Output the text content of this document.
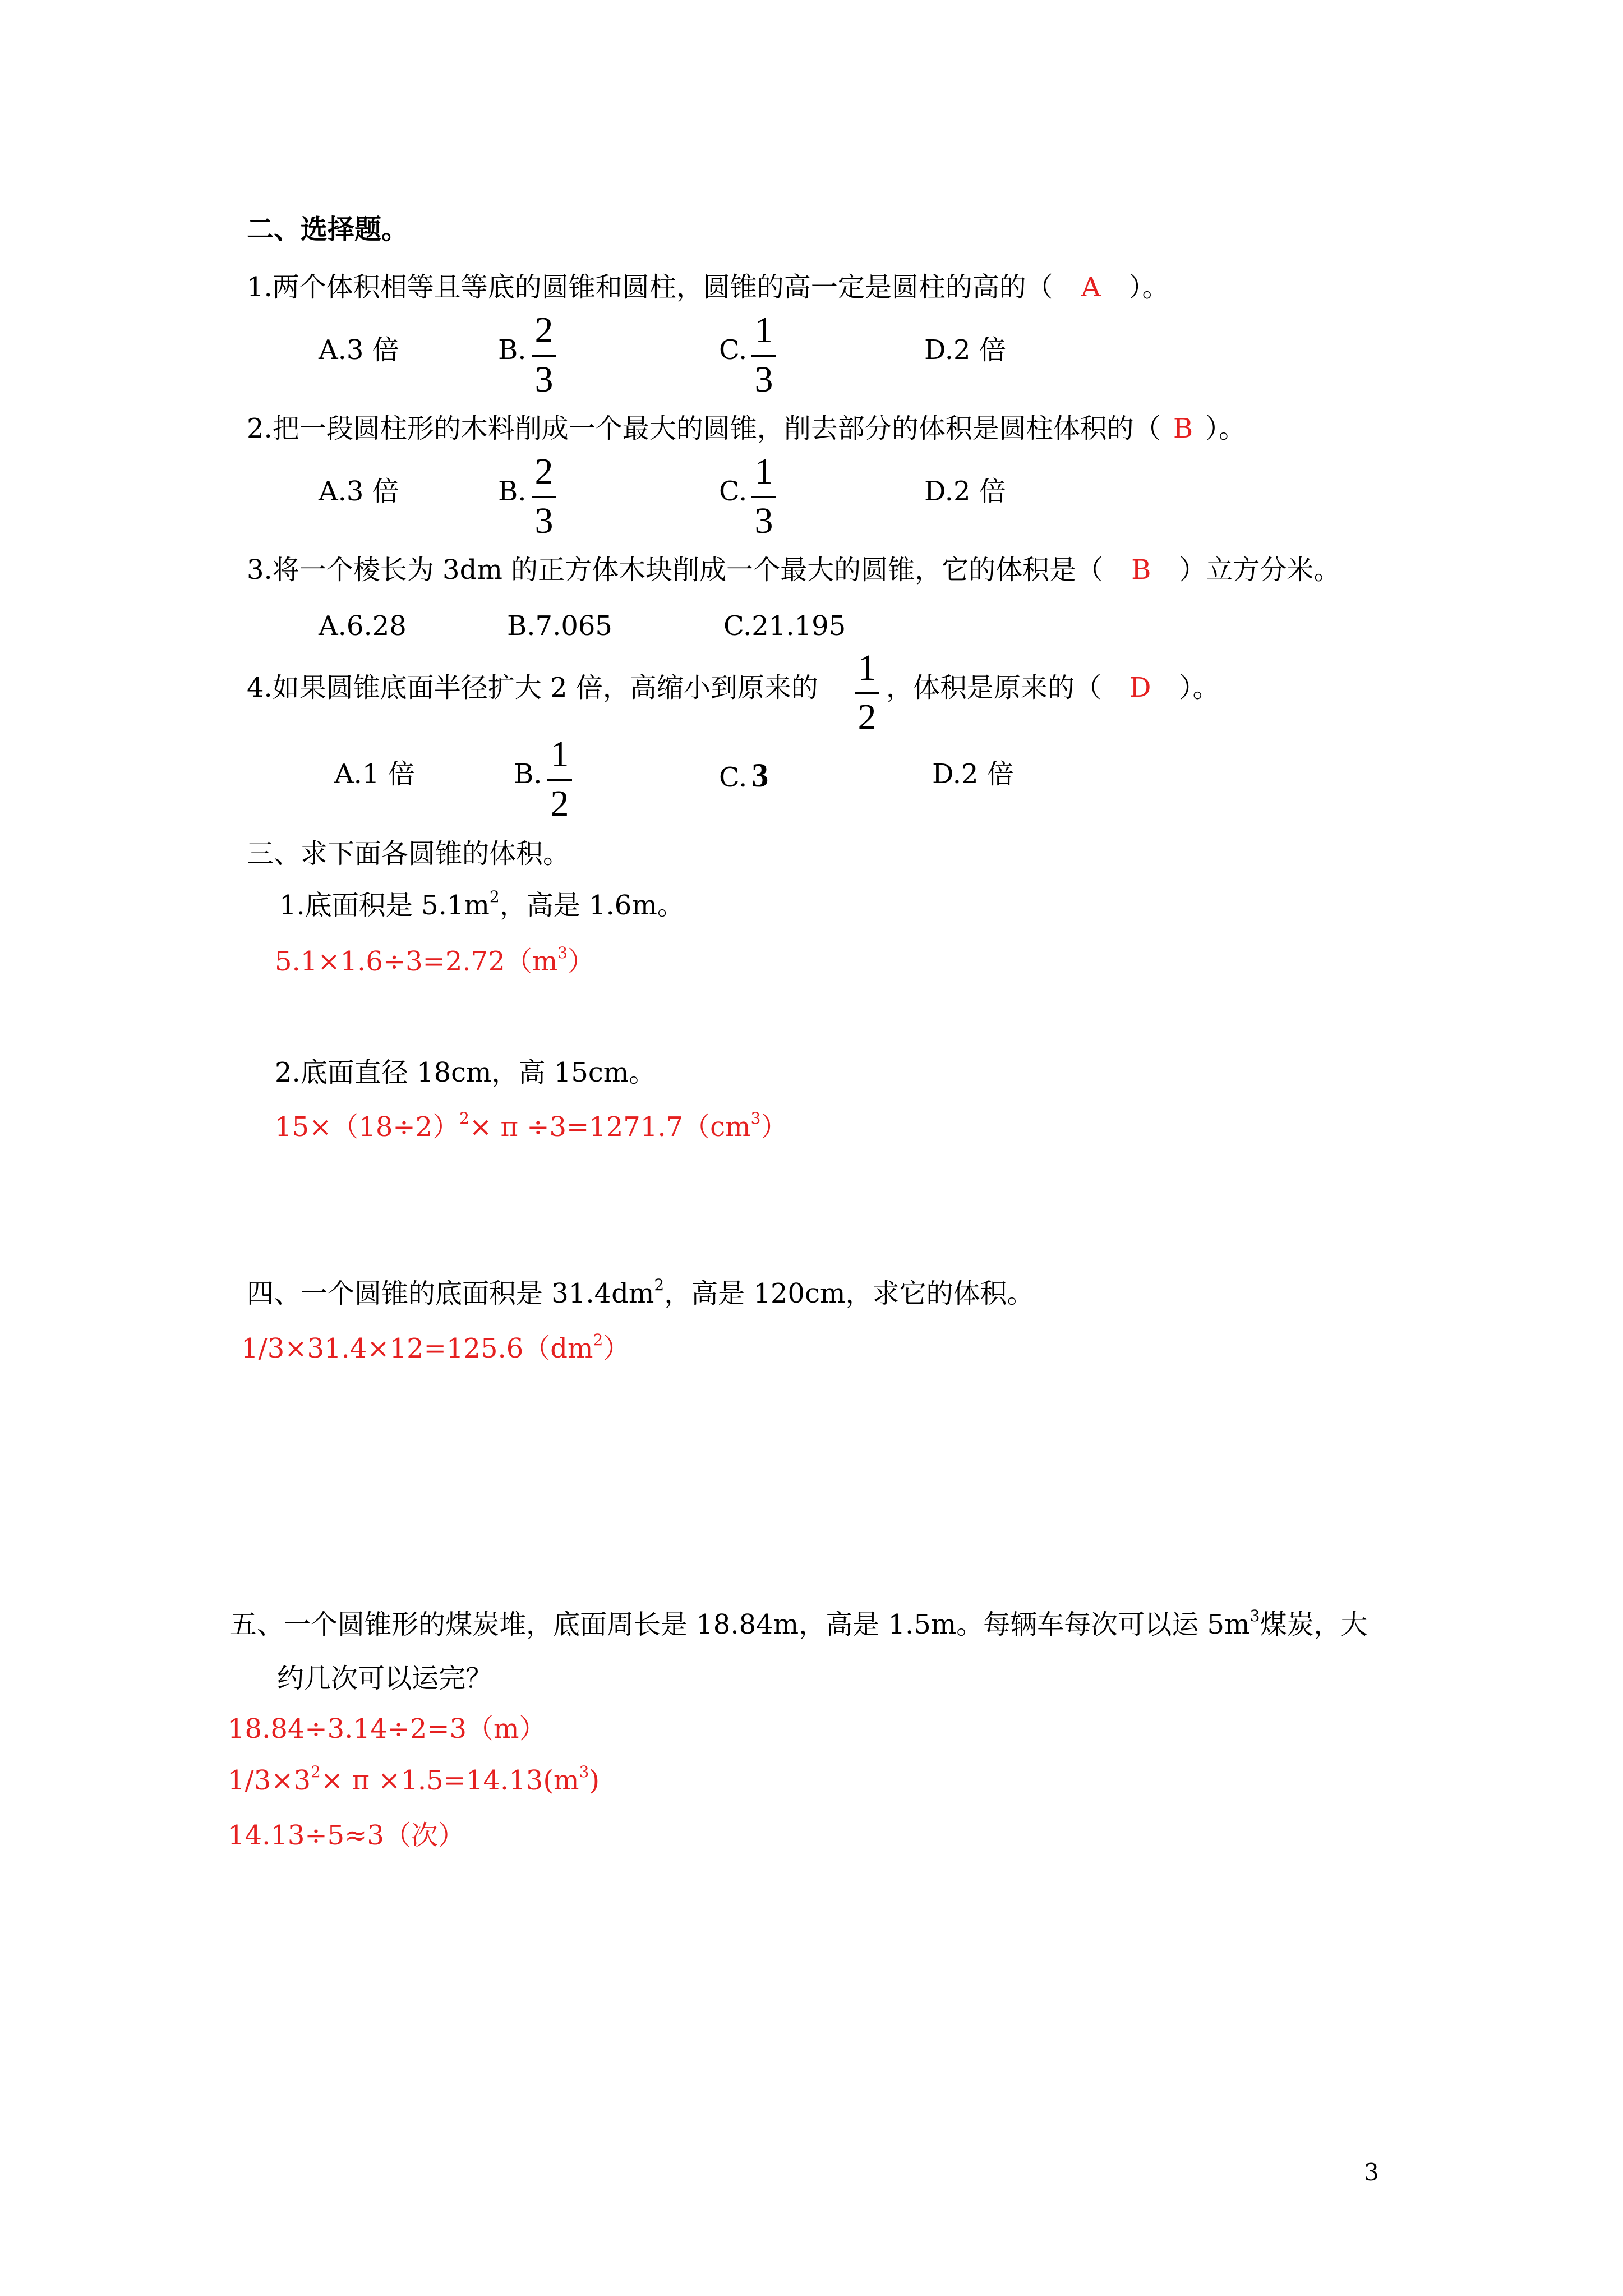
二、选择题。
1.两个体积相等且等底的圆锥和圆柱，圆锥的高一定是圆柱的高的（ A ）。
A.3 倍	B. 2
3
C. 1
3
D.2 倍
2.把一段圆柱形的木料削成一个最大的圆锥，削去部分的体积是圆柱体积的（ B ）。
A.3 倍	B. 2
3
C. 1
3
D.2 倍
3.将一个棱长为 3dm 的正方体木块削成一个最大的圆锥，它的体积是（ B ）立方分米。
A.6.28	B.7.065	C.21.195
4.如果圆锥底面半径扩大 2 倍，高缩小到原来的 1
2
，体积是原来的（ D ）。
A.1 倍	B. 1
2
C. 3	D.2 倍
三、求下面各圆锥的体积。
1.底面积是 $5.1m^2$，高是 1.6m。
$5.1\times 1.6\div 3=2.72(m^3)$
2.底面直径 18cm，高 15cm。
$15\times(18\div 2)^2\times \pi \div 3=1271.7(cm^3)$
四、一个圆锥的底面积是 $31.4dm^2$，高是 120cm，求它的体积。
$1/3\times 31.4\times 12=125.6(dm^2)$
五、一个圆锥形的煤炭堆，底面周长是 18.84m，高是 1.5m。每辆车每次可以运 $5m^3$煤炭，大
约几次可以运完？
18.84÷3.14÷2=3（m）
$1/3\times 3^2\times \pi \times 1.5=14.13(m^3)$
14.13÷5≈3（次）
3
